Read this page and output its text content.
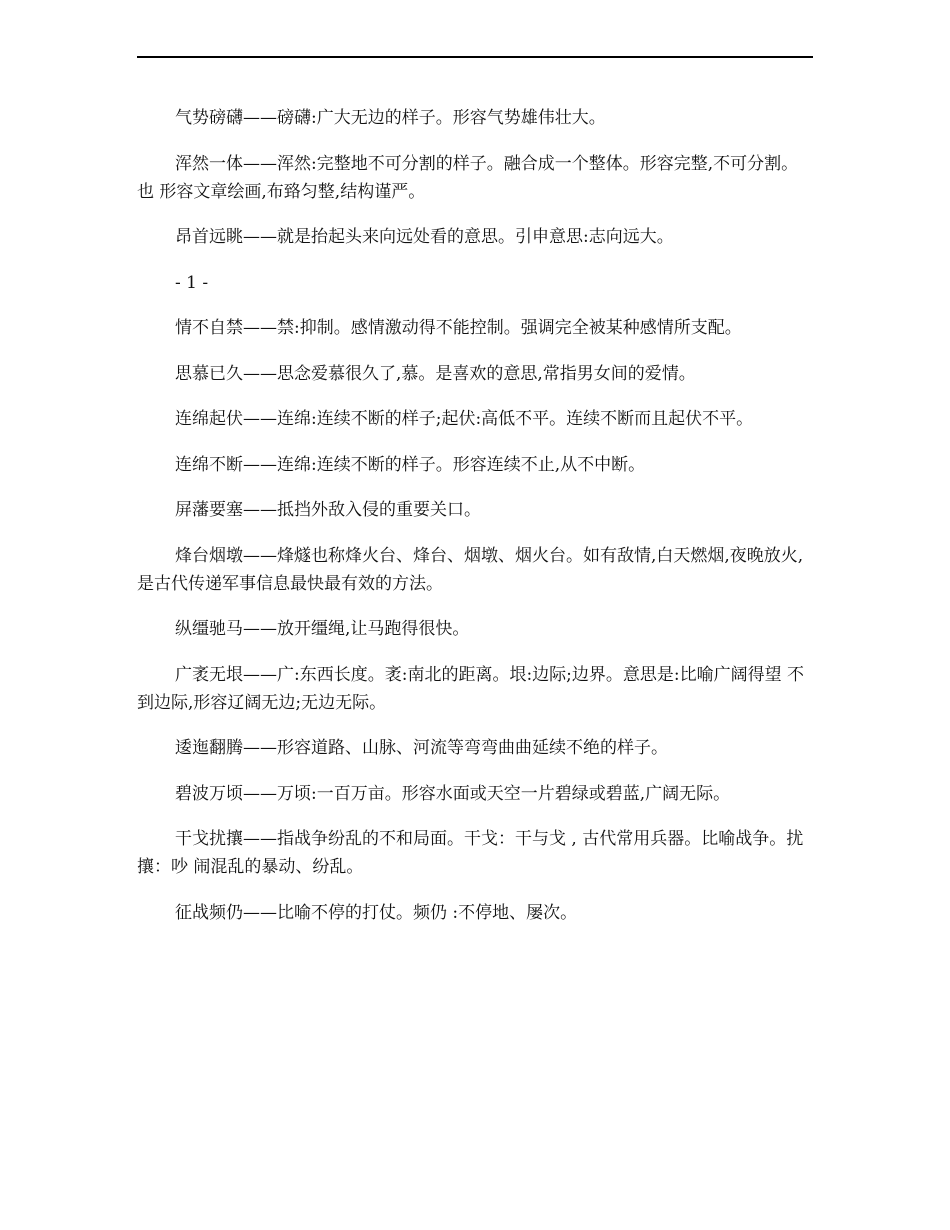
气势磅礴——磅礴:广大无边的样子。形容气势雄伟壮大。

浑然一体——浑然:完整地不可分割的样子。融合成一个整体。形容完整,不可分割。也 形容文章绘画,布臵匀整,结构谨严。

昂首远眺——就是抬起头来向远处看的意思。引申意思:志向远大。

- 1 -

情不自禁——禁:抑制。感情激动得不能控制。强调完全被某种感情所支配。

思慕已久——思念爱慕很久了,慕。是喜欢的意思,常指男女间的爱情。

连绵起伏——连绵:连续不断的样子;起伏:高低不平。连续不断而且起伏不平。

连绵不断——连绵:连续不断的样子。形容连续不止,从不中断。

屏藩要塞——抵挡外敌入侵的重要关口。

烽台烟墩——烽燧也称烽火台、烽台、烟墩、烟火台。如有敌情,白天燃烟,夜晚放火, 是古代传递军事信息最快最有效的方法。

纵缰驰马——放开缰绳,让马跑得很快。

广袤无垠——广:东西长度。袤:南北的距离。垠:边际;边界。意思是:比喻广阔得望 不到边际,形容辽阔无边;无边无际。

逶迤翻腾——形容道路、山脉、河流等弯弯曲曲延续不绝的样子。

碧波万顷——万顷:一百万亩。形容水面或天空一片碧绿或碧蓝,广阔无际。

干戈扰攘——指战争纷乱的不和局面。干戈：干与戈 , 古代常用兵器。比喻战争。扰攘：吵 闹混乱的暴动、纷乱。

征战频仍——比喻不停的打仗。频仍 :不停地、屡次。
